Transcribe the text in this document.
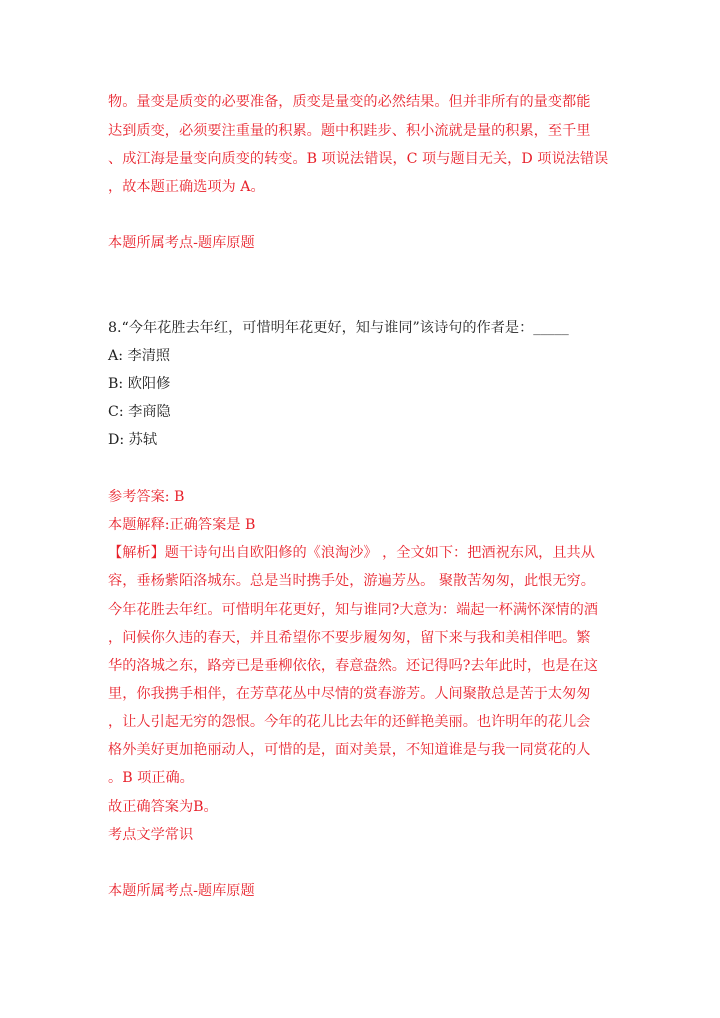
物。量变是质变的必要准备，质变是量变的必然结果。但并非所有的量变都能

达到质变，必须要注重量的积累。题中积跬步、积小流就是量的积累，至千里

、成江海是量变向质变的转变。B 项说法错误，C 项与题目无关，D 项说法错误

，故本题正确选项为 A。

本题所属考点-题库原题

8.“今年花胜去年红，可惜明年花更好，知与谁同”该诗句的作者是：_____

A: 李清照

B: 欧阳修

C: 李商隐

D: 苏轼

参考答案: B

本题解释:正确答案是 B

【解析】题干诗句出自欧阳修的《浪淘沙》 ，全文如下：把酒祝东风，且共从

容，垂杨紫陌洛城东。总是当时携手处，游遍芳丛。 聚散苦匆匆，此恨无穷。

今年花胜去年红。可惜明年花更好，知与谁同?大意为：端起一杯满怀深情的酒

，问候你久违的春天，并且希望你不要步履匆匆，留下来与我和美相伴吧。繁

华的洛城之东，路旁已是垂柳依依，春意盎然。还记得吗?去年此时，也是在这

里，你我携手相伴，在芳草花丛中尽情的赏春游芳。人间聚散总是苦于太匆匆

，让人引起无穷的怨恨。今年的花儿比去年的还鲜艳美丽。也许明年的花儿会

格外美好更加艳丽动人，可惜的是，面对美景，不知道谁是与我一同赏花的人

。B 项正确。

故正确答案为B。

考点文学常识

本题所属考点-题库原题
